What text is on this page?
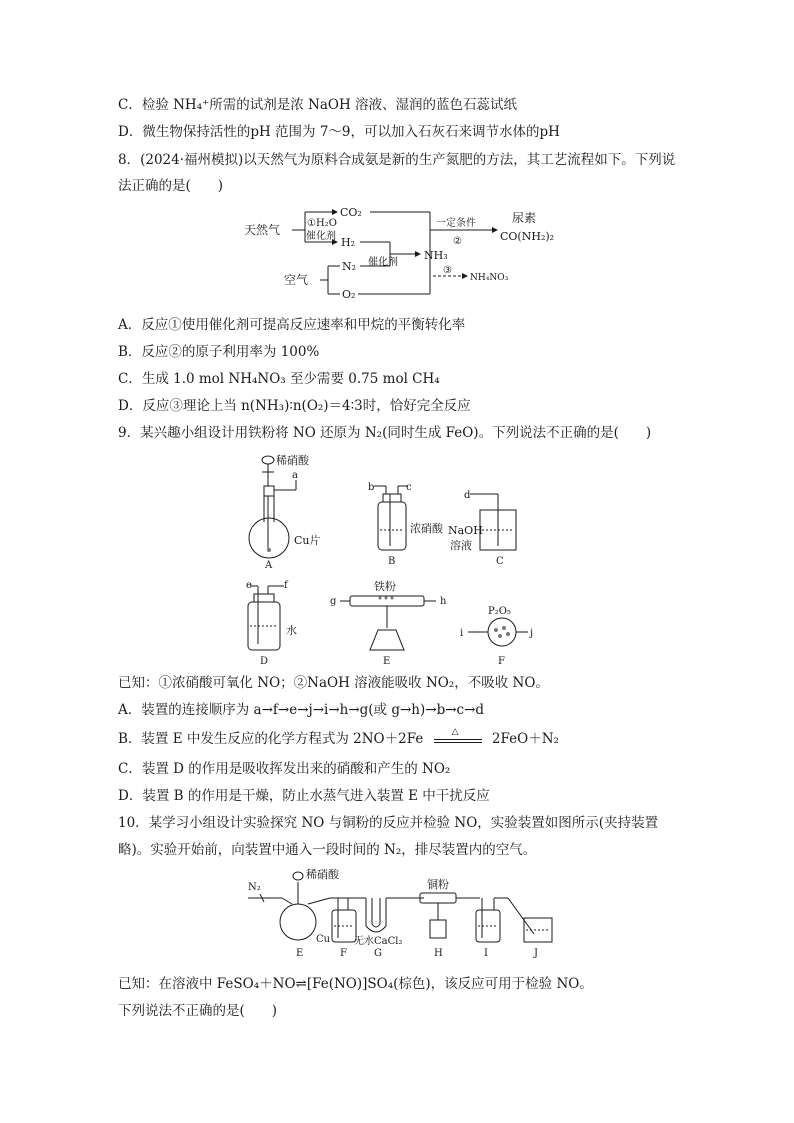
C．检验 NH₄⁺所需的试剂是浓 NaOH 溶液、湿润的蓝色石蕊试纸
D．微生物保持活性的pH 范围为 7～9，可以加入石灰石来调节水体的pH
8．(2024·福州模拟)以天然气为原料合成氨是新的生产氮肥的方法，其工艺流程如下。下列说
法正确的是(　　)
天然气	①H₂O
催化剂
CO₂
H₂
N₂ 催化剂
NH₃
O₂
空气
一定条件
②
③
尿素
CO(NH₂)₂
NH₄NO₃
A．反应①使用催化剂可提高反应速率和甲烷的平衡转化率
B．反应②的原子利用率为 100%
C．生成 1.0 mol NH₄NO₃ 至少需要 0.75 mol CH₄
D．反应③理论上当 n(NH₃)∶n(O₂)＝4∶3时，恰好完全反应
9．某兴趣小组设计用铁粉将 NO 还原为 N₂(同时生成 FeO)。下列说法不正确的是(　　)
稀硝酸
a
Cu片
A
b	c
浓硝酸
B
d
NaOH
溶液
C
e	f
水
D
铁粉
g	h
E
P₂O₅
i	j
F
已知：①浓硝酸可氧化 NO；②NaOH 溶液能吸收 NO₂，不吸收 NO。
A．装置的连接顺序为 a→f→e→j→i→h→g(或 g→h)→b→c→d
B．装置 E 中发生反应的化学方程式为 2NO＋2Fe	△ 2FeO＋N₂
C．装置 D 的作用是吸收挥发出来的硝酸和产生的 NO₂
D．装置 B 的作用是干燥，防止水蒸气进入装置 E 中干扰反应
10．某学习小组设计实验探究 NO 与铜粉的反应并检验 NO，实验装置如图所示(夹持装置
略)。实验开始前，向装置中通入一段时间的 N₂，排尽装置内的空气。
N₂
稀硝酸
Cu
铜粉
无水CaCl₂
E	F	G	H	I	J
已知：在溶液中 FeSO₄＋NO⇌[Fe(NO)]SO₄(棕色)，该反应可用于检验 NO。
下列说法不正确的是(　　)
